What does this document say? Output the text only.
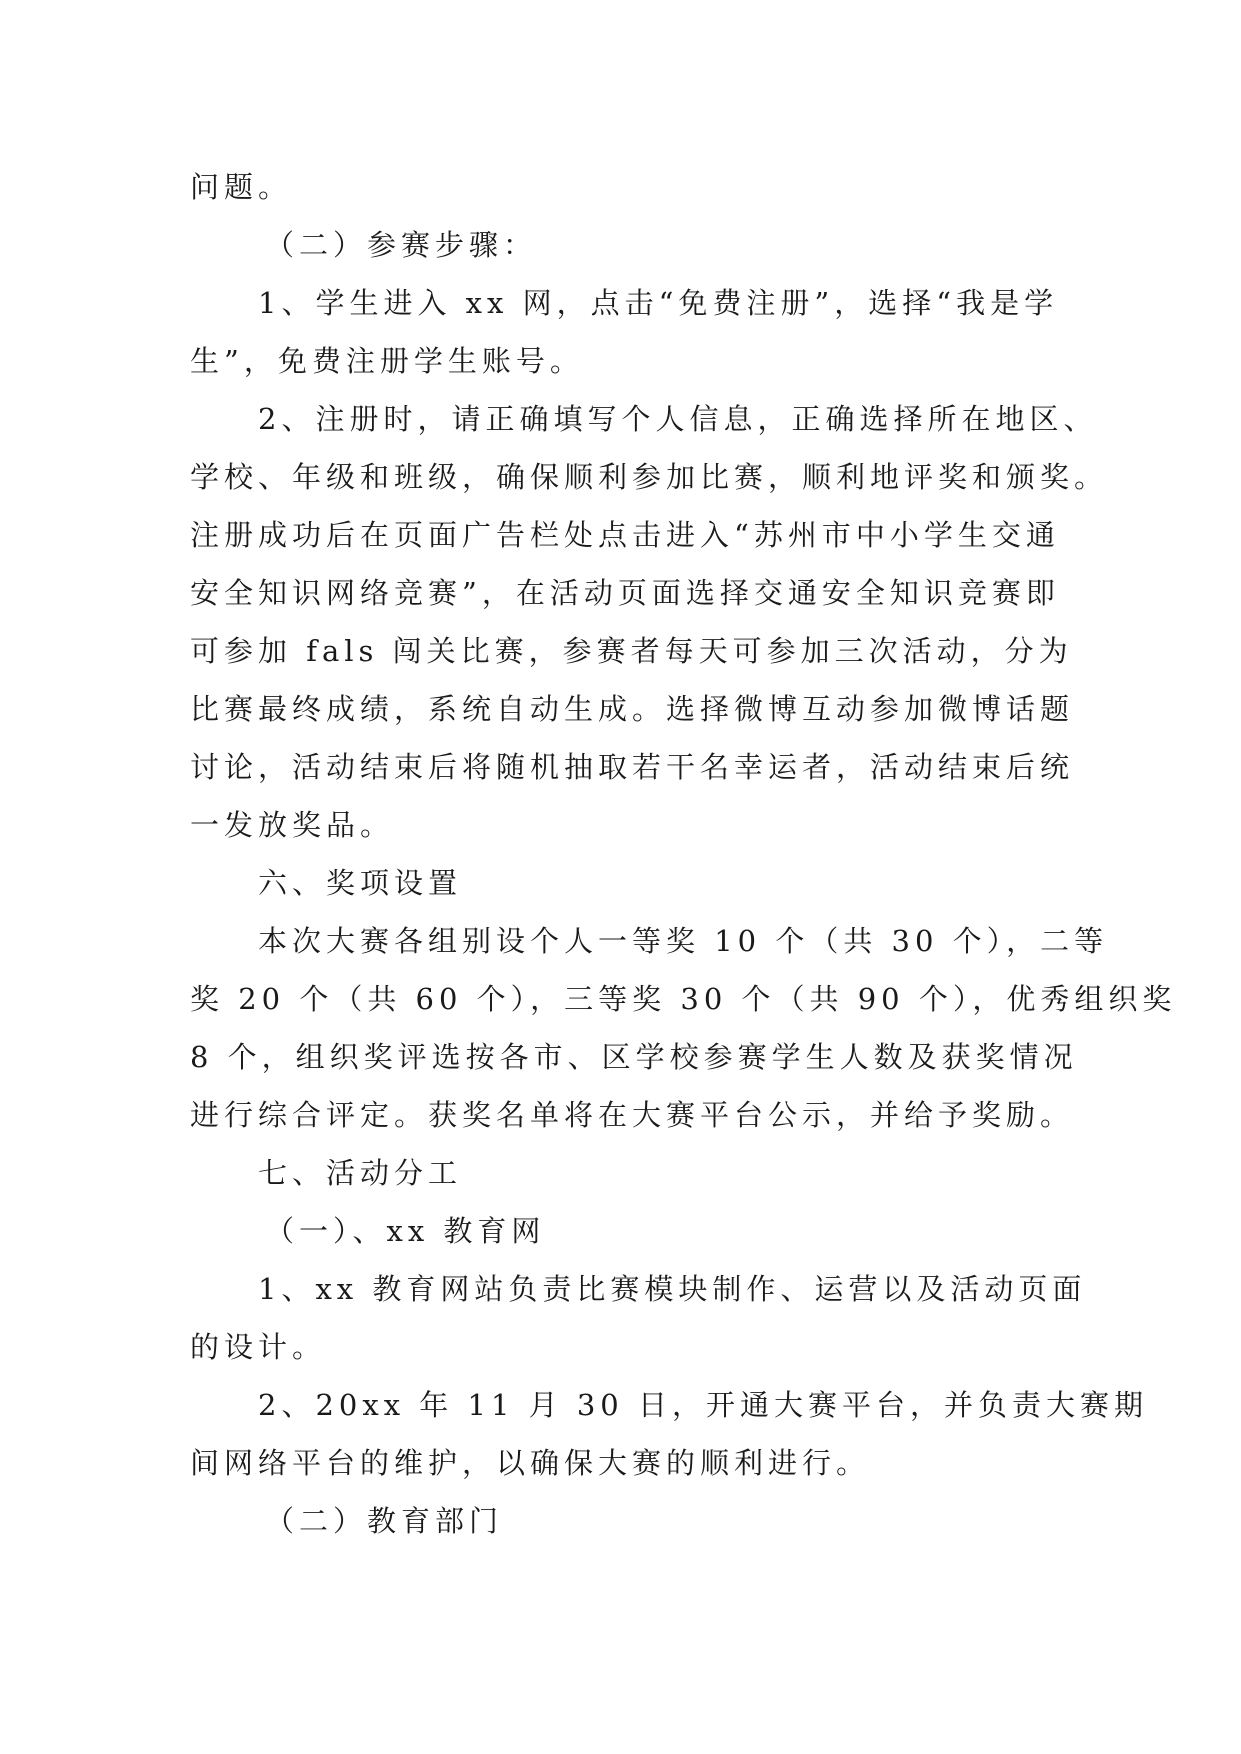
问题。
（二）参赛步骤：
1、学生进入 xx 网，点击“免费注册”，选择“我是学
生”，免费注册学生账号。
2、注册时，请正确填写个人信息，正确选择所在地区、
学校、年级和班级，确保顺利参加比赛，顺利地评奖和颁奖。
注册成功后在页面广告栏处点击进入“苏州市中小学生交通
安全知识网络竞赛”，在活动页面选择交通安全知识竞赛即
可参加 fals 闯关比赛，参赛者每天可参加三次活动，分为
比赛最终成绩，系统自动生成。选择微博互动参加微博话题
讨论，活动结束后将随机抽取若干名幸运者，活动结束后统
一发放奖品。
六、奖项设置
本次大赛各组别设个人一等奖 10 个（共 30 个），二等
奖 20 个（共 60 个），三等奖 30 个（共 90 个），优秀组织奖
8 个，组织奖评选按各市、区学校参赛学生人数及获奖情况
进行综合评定。获奖名单将在大赛平台公示，并给予奖励。
七、活动分工
（一）、xx 教育网
1、xx 教育网站负责比赛模块制作、运营以及活动页面
的设计。
2、20xx 年 11 月 30 日，开通大赛平台，并负责大赛期
间网络平台的维护，以确保大赛的顺利进行。
（二）教育部门
